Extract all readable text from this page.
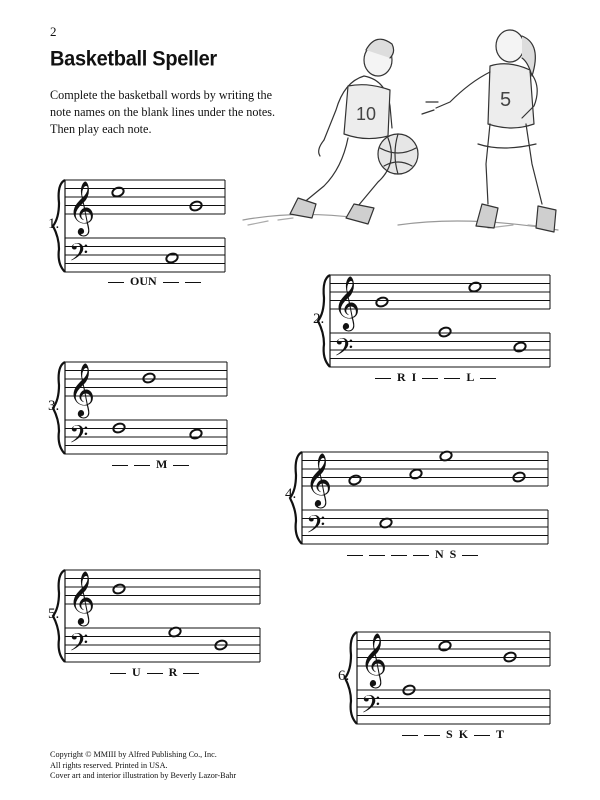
2
Basketball Speller
Complete the basketball words by writing the
note names on the blank lines under the notes.
Then play each note.
10
5
𝄞
𝄢
𝄞
𝄢
𝄞
𝄢
𝄞
𝄢
𝄞
𝄢	𝄞
𝄢
1.
2.
3.
4.
5.
6.
OUN
R I	L
M
N S
U R
S K T
Copyright © MMIII by Alfred Publishing Co., Inc.
All rights reserved. Printed in USA.
Cover art and interior illustration by Beverly Lazor-Bahr
